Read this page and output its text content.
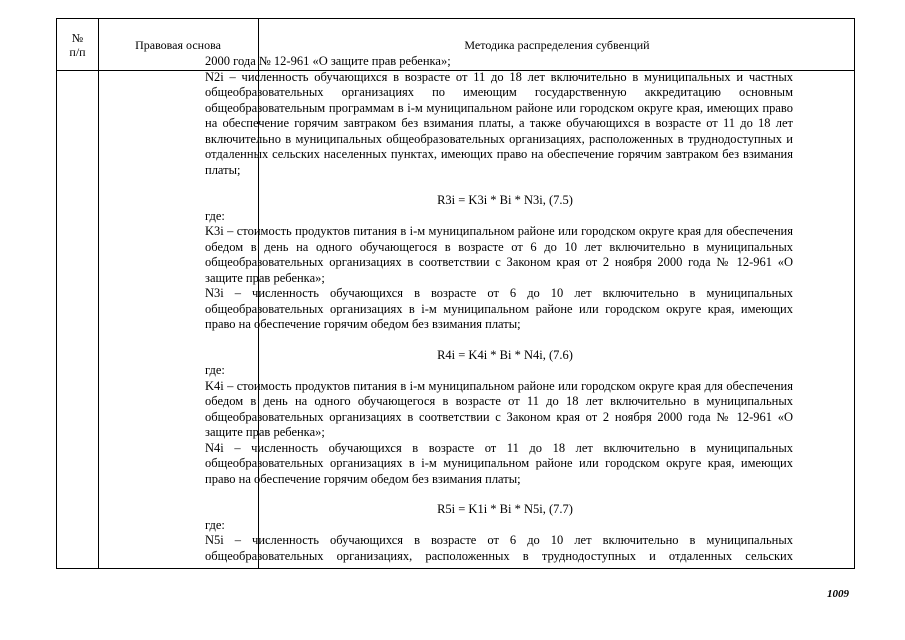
№
п/п	Правовая основа	Методика распределения субвенций

2000 года № 12-961 «О защите прав ребенка»;

N2i – численность обучающихся в возрасте от 11 до 18 лет включительно в муниципальных и частных общеобразовательных организациях по имеющим государственную аккредитацию основным общеобразовательным программам в i-м муниципальном районе или городском округе края, имеющих право на обеспечение горячим завтраком без взимания платы, а также обучающихся в возрасте от 11 до 18 лет включительно в муниципальных общеобразовательных организациях, расположенных в труднодоступных и отдаленных сельских населенных пунктах, имеющих право на обеспечение горячим завтраком без взимания платы;

R3i = K3i * Bi * N3i, (7.5)

где:

K3i – стоимость продуктов питания в i-м муниципальном районе или городском округе края для обеспечения обедом в день на одного обучающегося в возрасте от 6 до 10 лет включительно в муниципальных общеобразовательных организациях в соответствии с Законом края от 2 ноября 2000 года № 12-961 «О защите прав ребенка»;

N3i – численность обучающихся в возрасте от 6 до 10 лет включительно в муниципальных общеобразовательных организациях в i-м муниципальном районе или городском округе края, имеющих право на обеспечение горячим обедом без взимания платы;

R4i = K4i * Bi * N4i, (7.6)

где:

K4i – стоимость продуктов питания в i-м муниципальном районе или городском округе края для обеспечения обедом в день на одного обучающегося в возрасте от 11 до 18 лет включительно в муниципальных общеобразовательных организациях в соответствии с Законом края от 2 ноября 2000 года № 12-961 «О защите прав ребенка»;

N4i – численность обучающихся в возрасте от 11 до 18 лет включительно в муниципальных общеобразовательных организациях в i-м муниципальном районе или городском округе края, имеющих право на обеспечение горячим обедом без взимания платы;

R5i = K1i * Bi * N5i, (7.7)

где:

N5i – численность обучающихся в возрасте от 6 до 10 лет включительно в муниципальных общеобразовательных организациях, расположенных в труднодоступных и отдаленных сельских

1009
